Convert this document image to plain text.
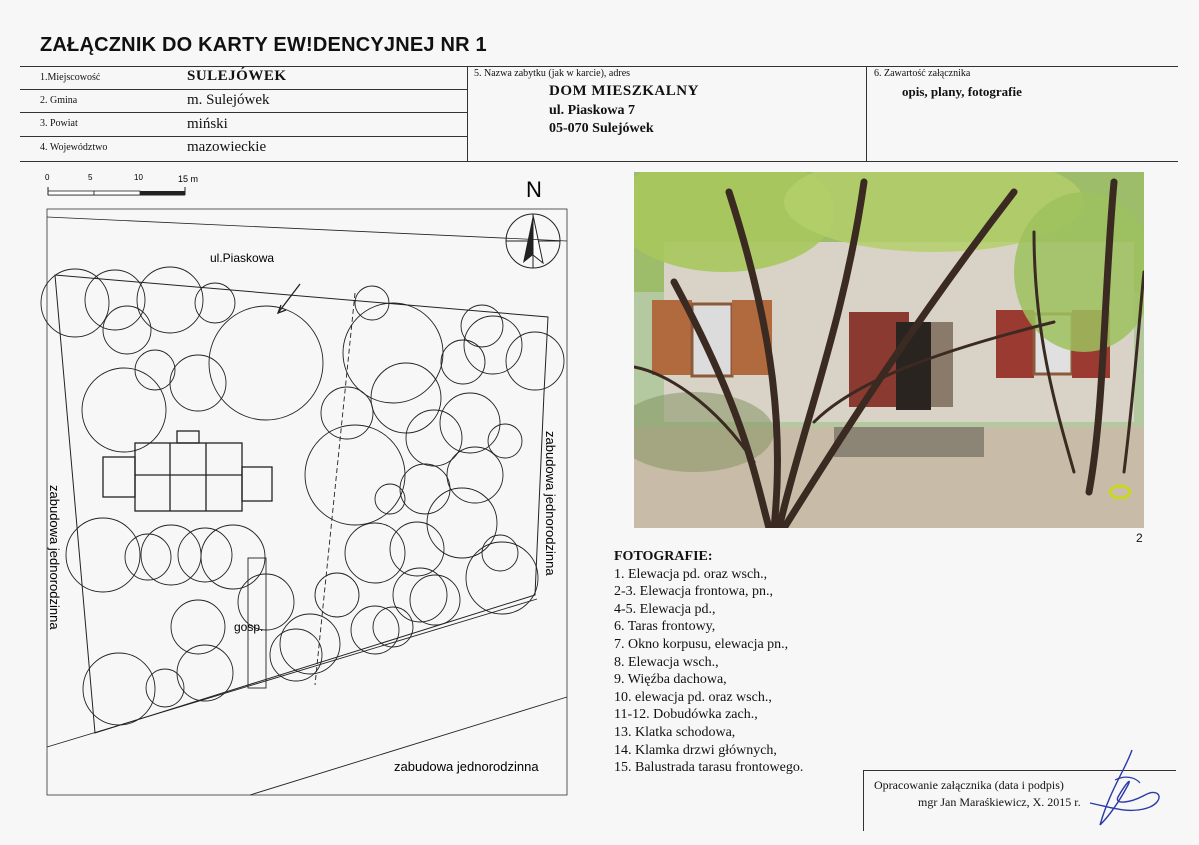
ZAŁĄCZNIK DO KARTY EW!DENCYJNEJ NR 1
1.Miejscowość	SULEJÓWEK
2. Gmina	m. Sulejówek
3. Powiat	miński
4. Województwo	mazowieckie
5. Nazwa zabytku (jak w karcie), adres
DOM MIESZKALNY
ul. Piaskowa 7
05-070 Sulejówek
6. Zawartość załącznika
opis, plany, fotografie
0	5	10	15 m	N
ul.Piaskowa
gosp.
zabudowa jednorodzinna	zabudowa jednorodzinna
zabudowa jednorodzinna
2
FOTOGRAFIE:
1. Elewacja pd. oraz wsch.,
2-3. Elewacja frontowa, pn.,
4-5. Elewacja pd.,
6. Taras frontowy,
7. Okno korpusu, elewacja pn.,
8. Elewacja wsch.,
9. Więźba dachowa,
10. elewacja pd. oraz wsch.,
11-12. Dobudówka zach.,
13. Klatka schodowa,
14. Klamka drzwi głównych,
15. Balustrada tarasu frontowego.
Opracowanie załącznika (data i podpis)
mgr Jan Maraśkiewicz, X. 2015 r.
